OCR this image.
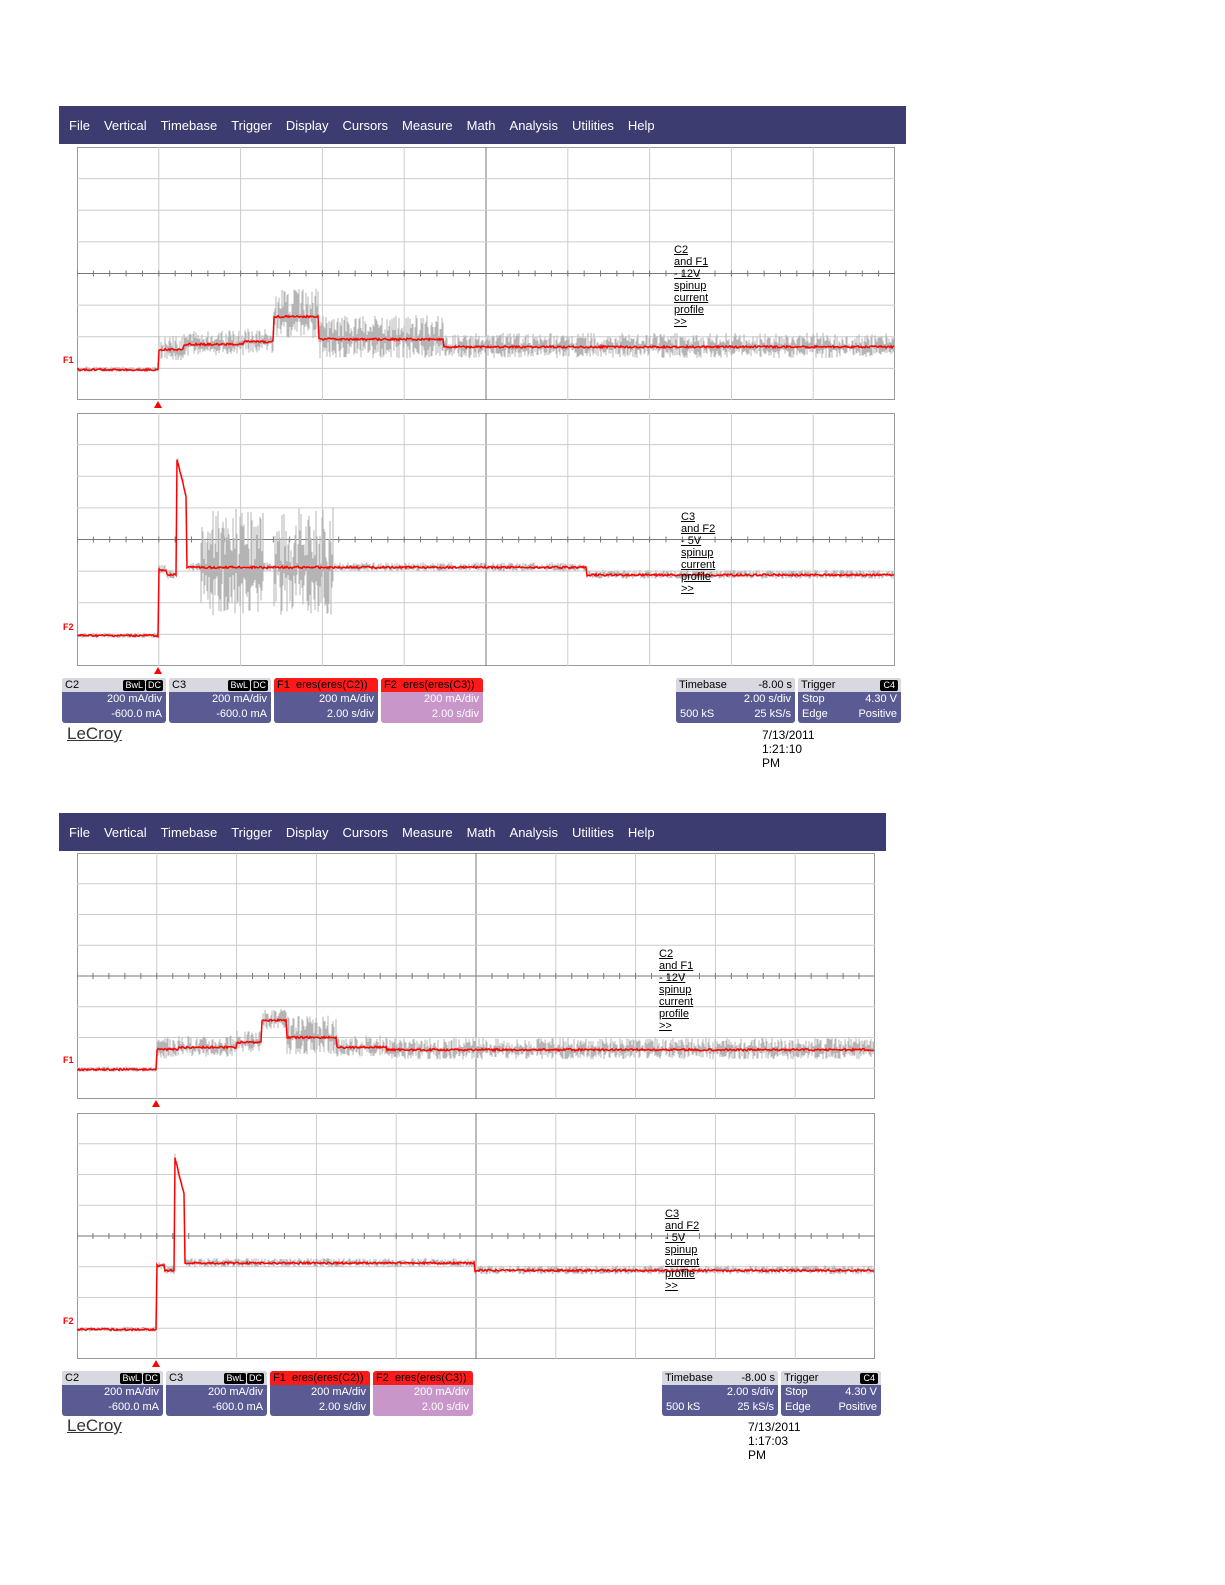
File Vertical Timebase Trigger Display Cursors Measure Math Analysis Utilities Help
F1
C2 and F1 - 12V spinup current profile >>
F2
C3 and F2 - 5V spinup current profile >>
C2	BwL DC
200 mA/div
-600.0 mA
C3	BwL DC
200 mA/div
-600.0 mA
F1 eres(eres(C2))
200 mA/div
2.00 s/div
F2 eres(eres(C3))
200 mA/div
2.00 s/div
Timebase	-8.00 s
2.00 s/div
500 kS	25 kS/s
Trigger	C4
Stop	4.30 V
Edge	Positive
LeCroy	7/13/2011 1:21:10 PM
File Vertical Timebase Trigger Display Cursors Measure Math Analysis Utilities Help
F1
C2 and F1 - 12V spinup current profile >>
F2
C3 and F2 - 5V spinup current profile >>
C2	BwL DC
200 mA/div
-600.0 mA
C3	BwL DC
200 mA/div
-600.0 mA
F1 eres(eres(C2))
200 mA/div
2.00 s/div
F2 eres(eres(C3))
200 mA/div
2.00 s/div
Timebase	-8.00 s
2.00 s/div
500 kS	25 kS/s
Trigger	C4
Stop	4.30 V
Edge	Positive
LeCroy	7/13/2011 1:17:03 PM
